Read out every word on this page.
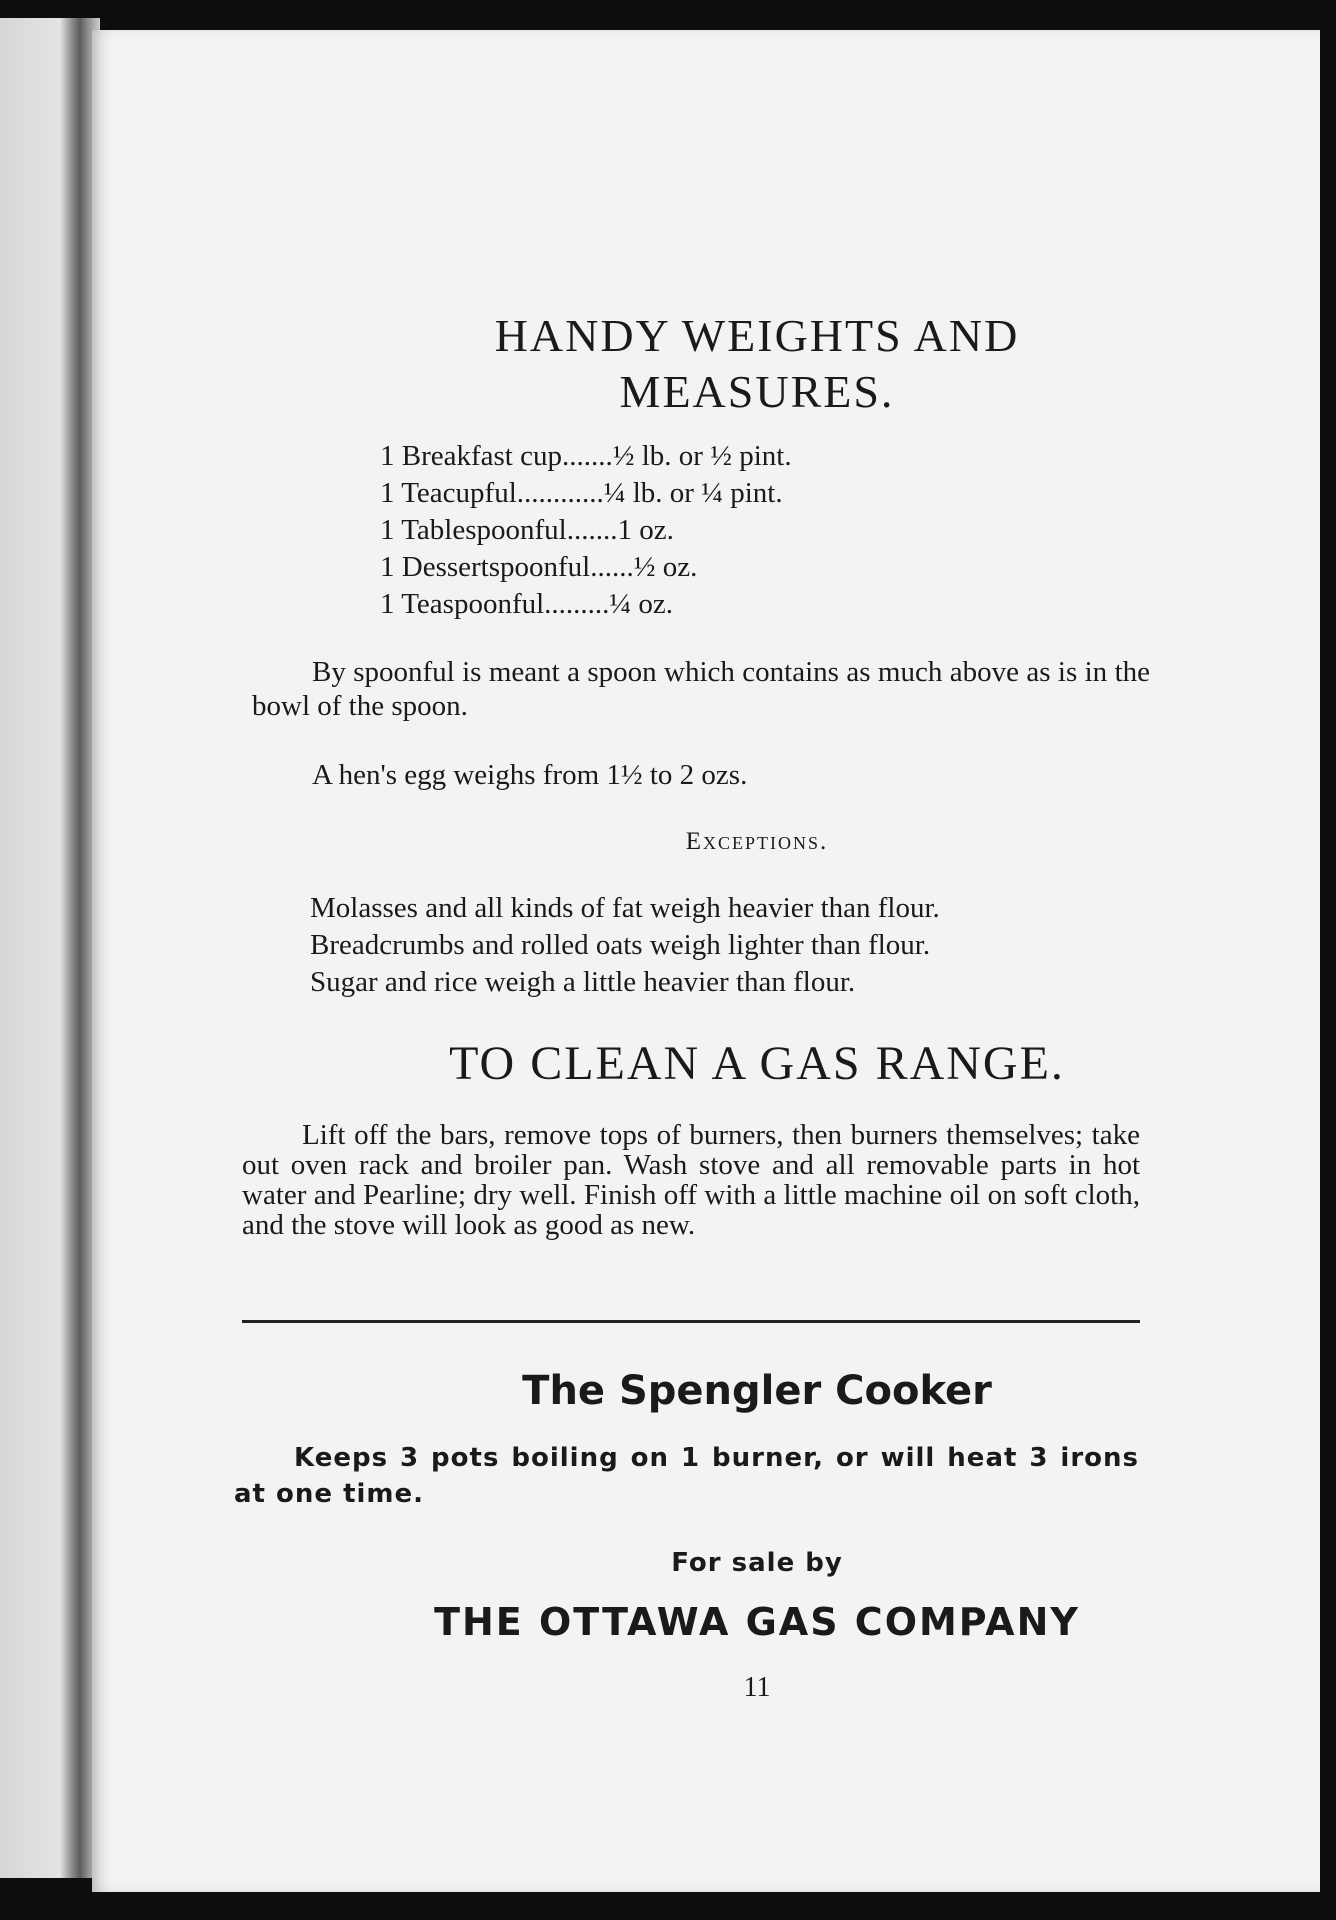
HANDY WEIGHTS AND
MEASURES.
1 Breakfast cup.......½ lb. or ½ pint.
1 Teacupful............¼ lb. or ¼ pint.
1 Tablespoonful.......1 oz.
1 Dessertspoonful......½ oz.
1 Teaspoonful.........¼ oz.
By spoonful is meant a spoon which contains as much above as is in the bowl of the spoon.
A hen's egg weighs from 1½ to 2 ozs.
Exceptions.
Molasses and all kinds of fat weigh heavier than flour.
Breadcrumbs and rolled oats weigh lighter than flour.
Sugar and rice weigh a little heavier than flour.
TO CLEAN A GAS RANGE.
Lift off the bars, remove tops of burners, then burners themselves; take out oven rack and broiler pan. Wash stove and all removable parts in hot water and Pearline; dry well. Finish off with a little machine oil on soft cloth, and the stove will look as good as new.
The Spengler Cooker
Keeps 3 pots boiling on 1 burner, or will heat 3 irons at one time.
For sale by
THE OTTAWA GAS COMPANY
11
